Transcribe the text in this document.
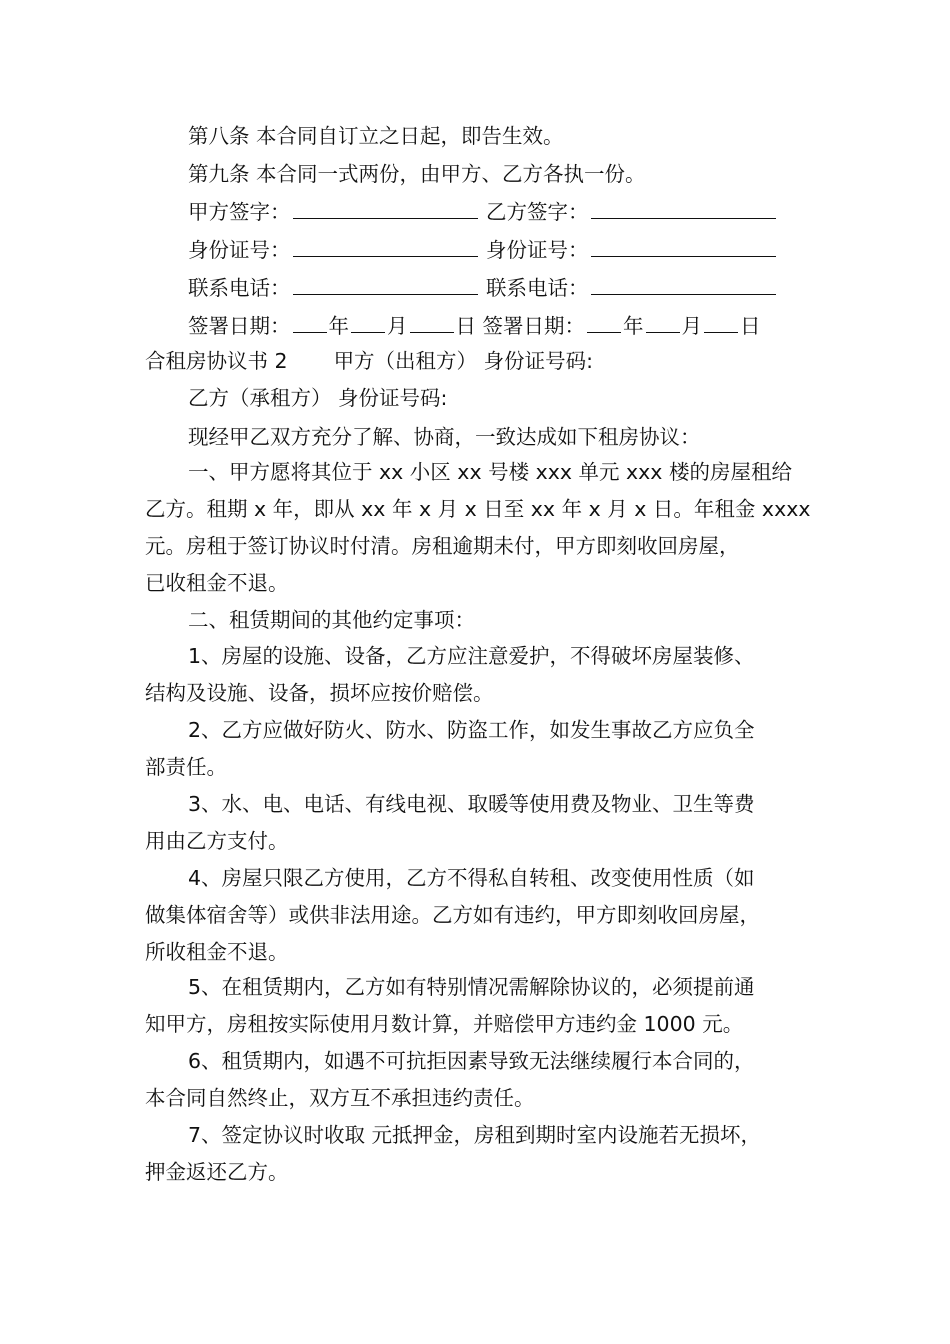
第八条 本合同自订立之日起，即告生效。
第九条 本合同一式两份，由甲方、乙方各执一份。
甲方签字：	乙方签字：
身份证号：	身份证号：
联系电话：	联系电话：
签署日期： 年 月 日 签署日期： 年 月 日
合租房协议书 2 甲方（出租方） 身份证号码:
乙方（承租方） 身份证号码:
现经甲乙双方充分了解、协商，一致达成如下租房协议：
一、甲方愿将其位于 xx 小区 xx 号楼 xxx 单元 xxx 楼的房屋租给
乙方。租期 x 年，即从 xx 年 x 月 x 日至 xx 年 x 月 x 日。年租金 xxxx
元。房租于签订协议时付清。房租逾期未付，甲方即刻收回房屋，
已收租金不退。
二、租赁期间的其他约定事项：
1、房屋的设施、设备，乙方应注意爱护，不得破坏房屋装修、
结构及设施、设备，损坏应按价赔偿。
2、乙方应做好防火、防水、防盗工作，如发生事故乙方应负全
部责任。
3、水、电、电话、有线电视、取暖等使用费及物业、卫生等费
用由乙方支付。
4、房屋只限乙方使用，乙方不得私自转租、改变使用性质（如
做集体宿舍等）或供非法用途。乙方如有违约，甲方即刻收回房屋，
所收租金不退。
5、在租赁期内，乙方如有特别情况需解除协议的，必须提前通
知甲方，房租按实际使用月数计算，并赔偿甲方违约金 1000 元。
6、租赁期内，如遇不可抗拒因素导致无法继续履行本合同的，
本合同自然终止，双方互不承担违约责任。
7、签定协议时收取 元抵押金，房租到期时室内设施若无损坏，
押金返还乙方。
